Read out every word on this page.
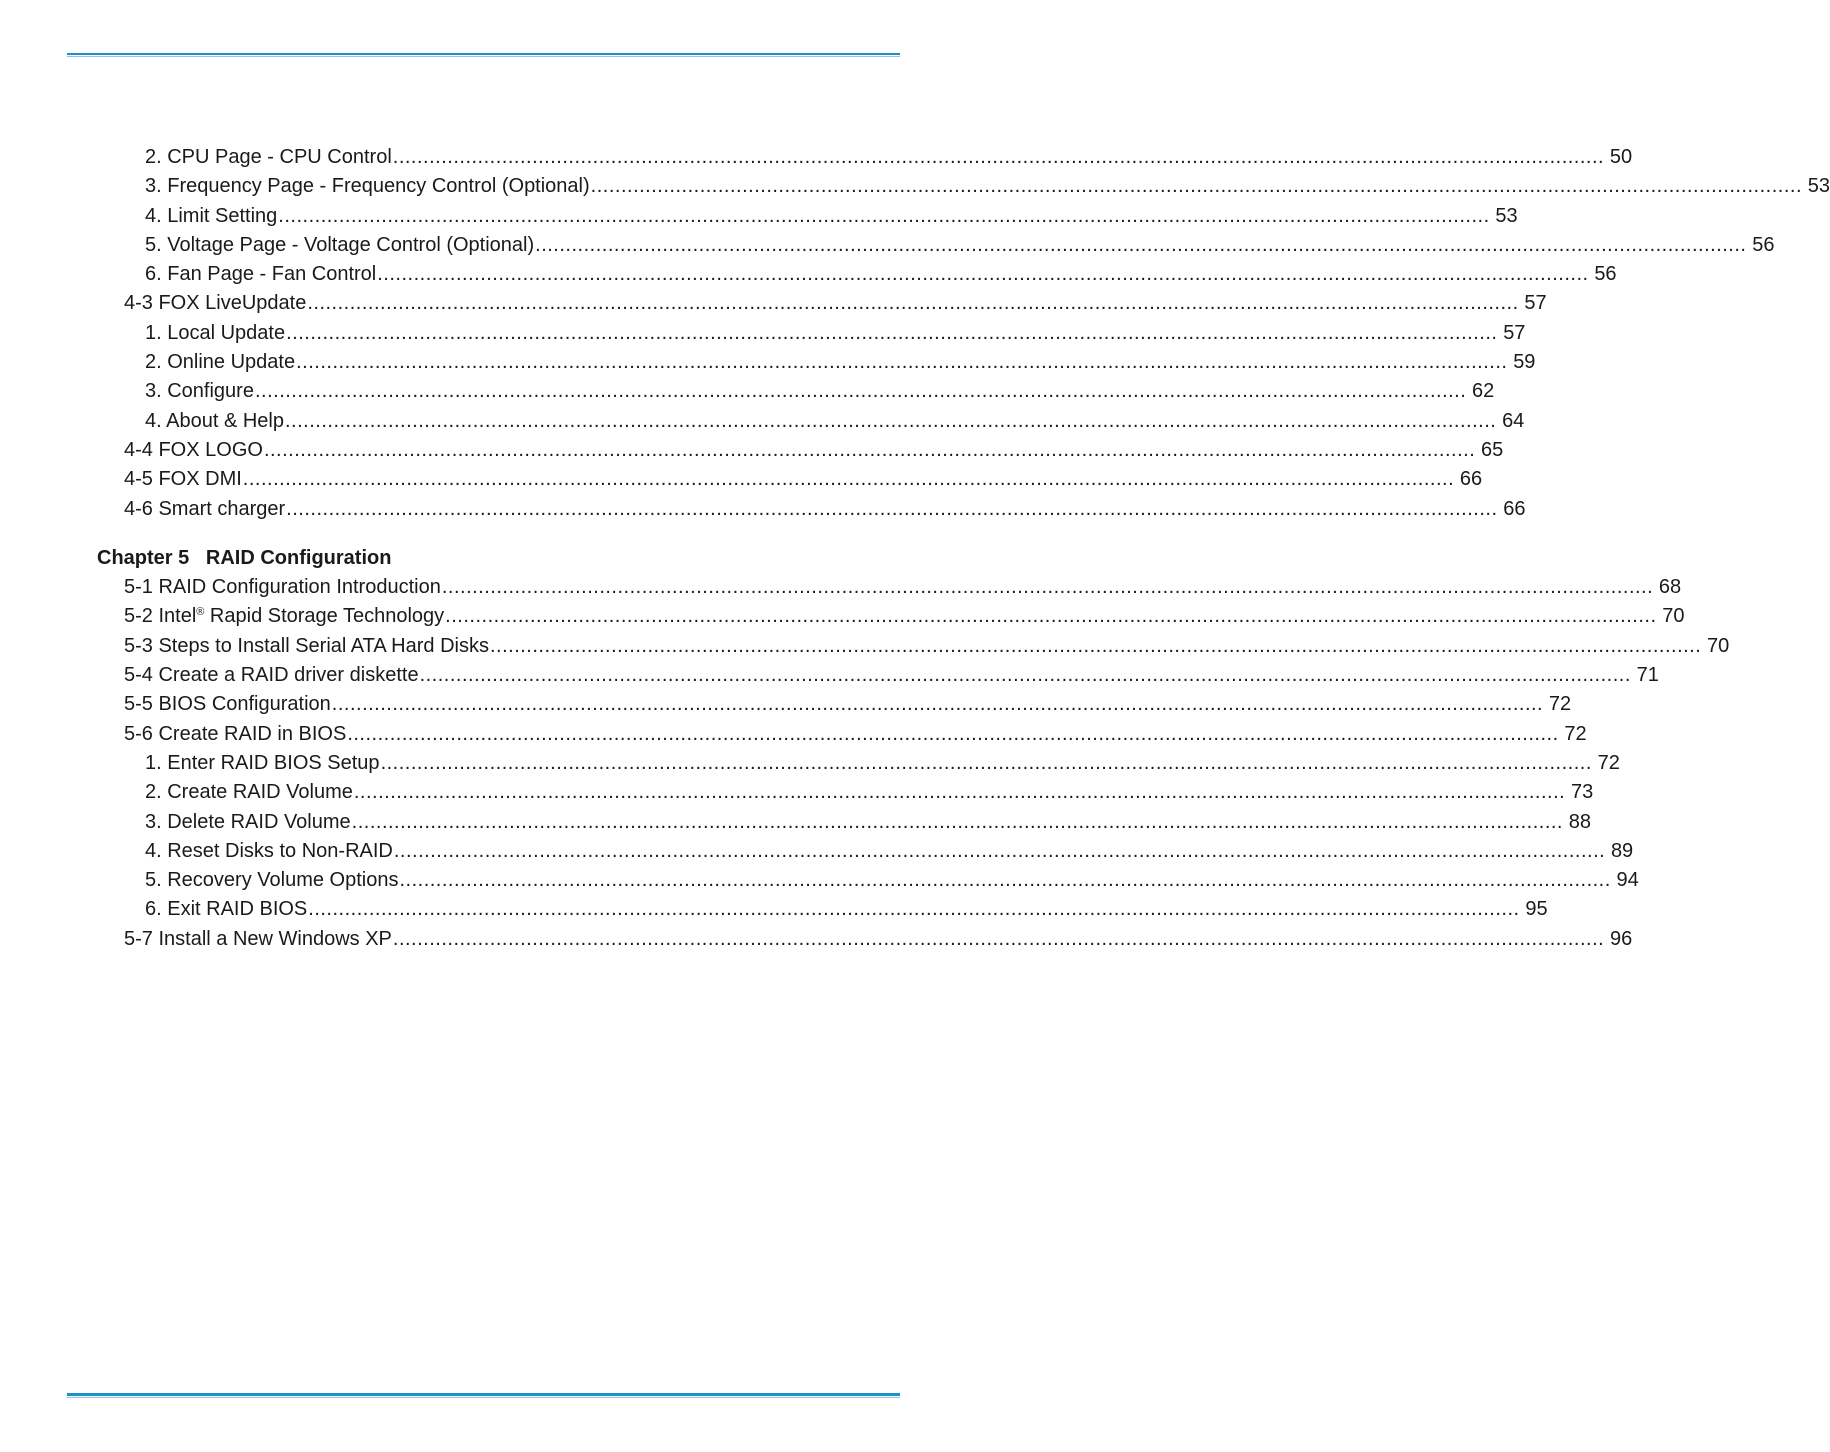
2. CPU Page - CPU Control ........................................................................................................................................................................................................ 50
3. Frequency Page - Frequency Control (Optional) ........................................................................................................................................................................................................ 53
4. Limit Setting ........................................................................................................................................................................................................ 53
5. Voltage Page - Voltage Control (Optional) ........................................................................................................................................................................................................ 56
6. Fan Page - Fan Control ........................................................................................................................................................................................................ 56
4-3 FOX LiveUpdate ........................................................................................................................................................................................................ 57
1. Local Update ........................................................................................................................................................................................................ 57
2. Online Update ........................................................................................................................................................................................................ 59
3. Configure ........................................................................................................................................................................................................ 62
4. About & Help ........................................................................................................................................................................................................ 64
4-4 FOX LOGO ........................................................................................................................................................................................................ 65
4-5 FOX DMI ........................................................................................................................................................................................................ 66
4-6 Smart charger ........................................................................................................................................................................................................ 66
Chapter 5   RAID Configuration
5-1 RAID Configuration Introduction ........................................................................................................................................................................................................ 68
5-2 Intel® Rapid Storage Technology ........................................................................................................................................................................................................ 70
5-3 Steps to Install Serial ATA Hard Disks ........................................................................................................................................................................................................ 70
5-4 Create a RAID driver diskette ........................................................................................................................................................................................................ 71
5-5 BIOS Configuration ........................................................................................................................................................................................................ 72
5-6 Create RAID in BIOS ........................................................................................................................................................................................................ 72
1. Enter RAID BIOS Setup ........................................................................................................................................................................................................ 72
2. Create RAID Volume ........................................................................................................................................................................................................ 73
3. Delete RAID Volume ........................................................................................................................................................................................................ 88
4. Reset Disks to Non-RAID ........................................................................................................................................................................................................ 89
5. Recovery Volume Options ........................................................................................................................................................................................................ 94
6. Exit RAID BIOS ........................................................................................................................................................................................................ 95
5-7 Install a New Windows XP ........................................................................................................................................................................................................ 96
